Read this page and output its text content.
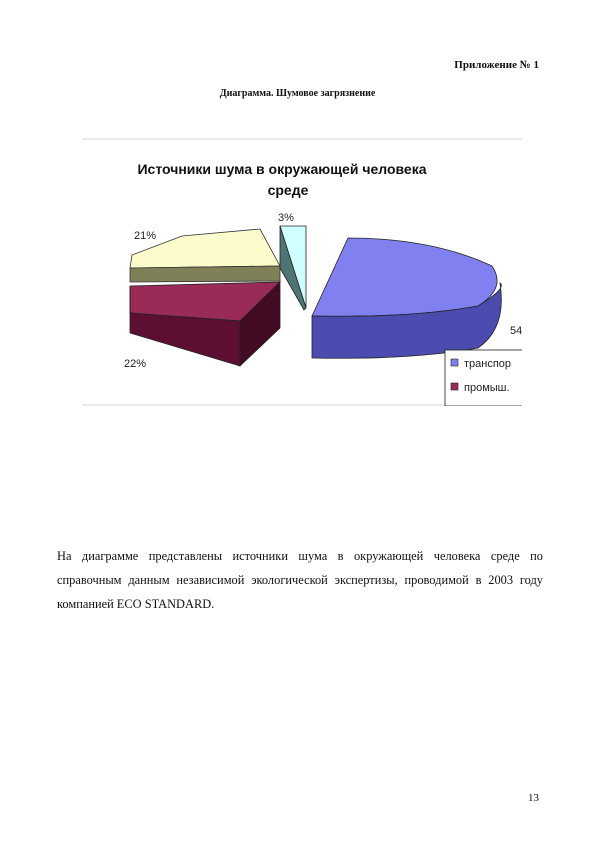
Приложение № 1
Диаграмма. Шумовое загрязнение
Источники шума в окружающей человека
среде
21%
3%
22%
54
транспор
промыш.

На диаграмме представлены источники шума в окружающей человека среде по справочным данным независимой экологической экспертизы, проводимой в 2003 году компанией ECO STANDARD.

13
